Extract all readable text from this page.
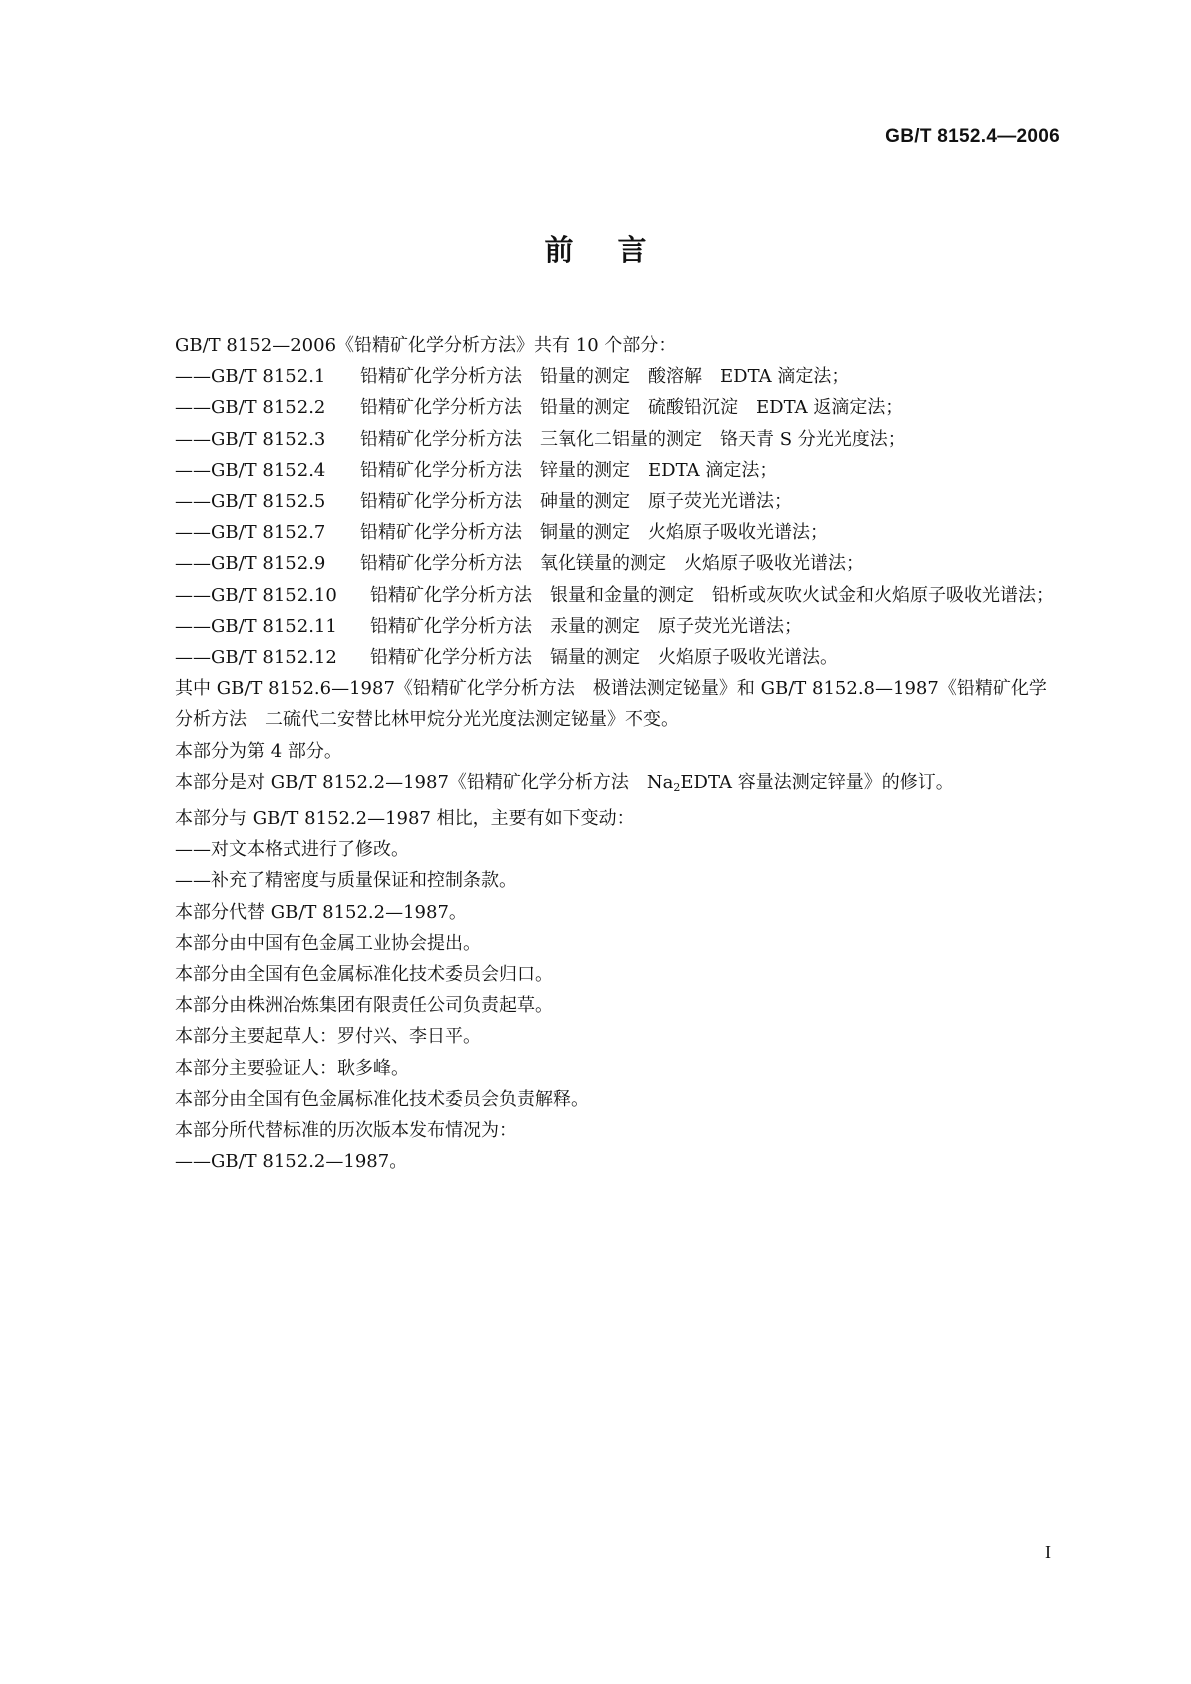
GB/T 8152.4—2006
前言
GB/T 8152—2006《铅精矿化学分析方法》共有 10 个部分：
——GB/T 8152.1	铅精矿化学分析方法 铅量的测定 酸溶解　EDTA 滴定法；
——GB/T 8152.2	铅精矿化学分析方法 铅量的测定 硫酸铅沉淀　EDTA 返滴定法；
——GB/T 8152.3	铅精矿化学分析方法 三氧化二铝量的测定 铬天青 S 分光光度法；
——GB/T 8152.4	铅精矿化学分析方法 锌量的测定 EDTA 滴定法；
——GB/T 8152.5	铅精矿化学分析方法 砷量的测定 原子荧光光谱法；
——GB/T 8152.7	铅精矿化学分析方法 铜量的测定 火焰原子吸收光谱法；
——GB/T 8152.9	铅精矿化学分析方法 氧化镁量的测定 火焰原子吸收光谱法；
——GB/T 8152.10	铅精矿化学分析方法 银量和金量的测定 铅析或灰吹火试金和火焰原子吸收光谱法；
——GB/T 8152.11	铅精矿化学分析方法 汞量的测定 原子荧光光谱法；
——GB/T 8152.12	铅精矿化学分析方法 镉量的测定 火焰原子吸收光谱法。
其中 GB/T 8152.6—1987《铅精矿化学分析方法　极谱法测定铋量》和 GB/T 8152.8—1987《铅精矿化学分析方法　二硫代二安替比林甲烷分光光度法测定铋量》不变。
本部分为第 4 部分。
本部分是对 GB/T 8152.2—1987《铅精矿化学分析方法　$Na_2EDTA$ 容量法测定锌量》的修订。
本部分与 GB/T 8152.2—1987 相比，主要有如下变动：
——对文本格式进行了修改。
——补充了精密度与质量保证和控制条款。
本部分代替 GB/T 8152.2—1987。
本部分由中国有色金属工业协会提出。
本部分由全国有色金属标准化技术委员会归口。
本部分由株洲冶炼集团有限责任公司负责起草。
本部分主要起草人：罗付兴、李日平。
本部分主要验证人：耿多峰。
本部分由全国有色金属标准化技术委员会负责解释。
本部分所代替标准的历次版本发布情况为：
——GB/T 8152.2—1987。
I
